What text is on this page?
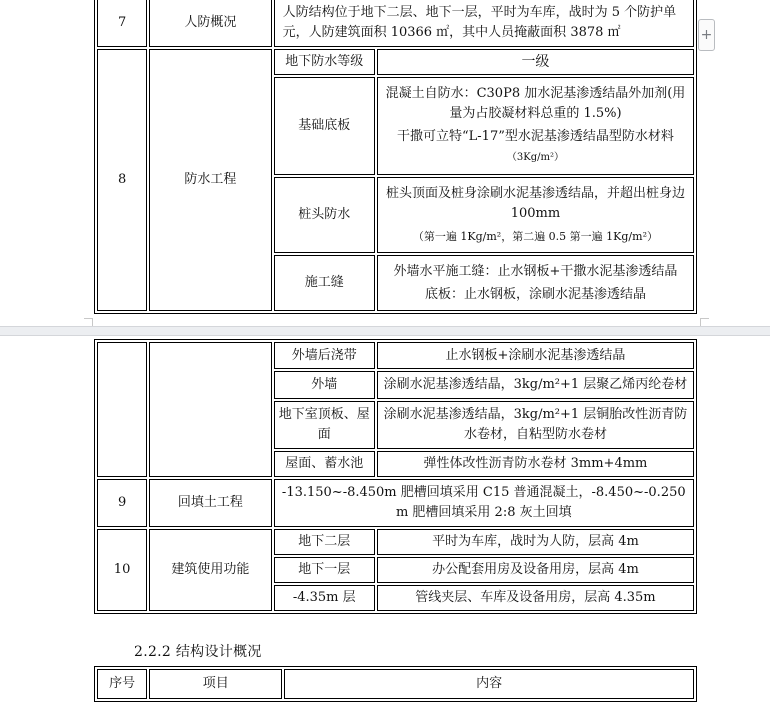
7	人防概况	人防结构位于地下二层、地下一层，平时为车库，战时为 5 个防护单元，人防建筑面积 10366 ㎡，其中人员掩蔽面积 3878 ㎡	
8	防水工程	地下防水等级	一级
		基础底板	混凝土自防水：C30P8 加水泥基渗透结晶外加剂(用量为占胶凝材料总重的 1.5%)

干撒可立特“L-17”型水泥基渗透结晶型防水材料
（3Kg/m²）

		桩头防水	桩头顶面及桩身涂刷水泥基渗透结晶，并超出桩身边 100mm

（第一遍 1Kg/m²，第二遍 0.5 第一遍 1Kg/m²）

		施工缝	外墙水平施工缝：止水钢板+干撒水泥基渗透结晶

底板：止水钢板，涂刷水泥基渗透结晶

+
		外墙后浇带	止水钢板+涂刷水泥基渗透结晶
		外墙	涂刷水泥基渗透结晶，3kg/m²+1 层聚乙烯丙纶卷材
		地下室顶板、屋面	涂刷水泥基渗透结晶，3kg/m²+1 层铜胎改性沥青防水卷材，自粘型防水卷材
		屋面、蓄水池	弹性体改性沥青防水卷材 3mm+4mm
9	回填土工程	-13.150~-8.450m 肥槽回填采用 C15 普通混凝土，-8.450~-0.250m 肥槽回填采用 2:8 灰土回填	
10	建筑使用功能	地下二层	平时为车库，战时为人防，层高 4m
		地下一层	办公配套用房及设备用房，层高 4m
		-4.35m 层	管线夹层、车库及设备用房，层高 4.35m
2.2.2 结构设计概况
序号	项目	内容
